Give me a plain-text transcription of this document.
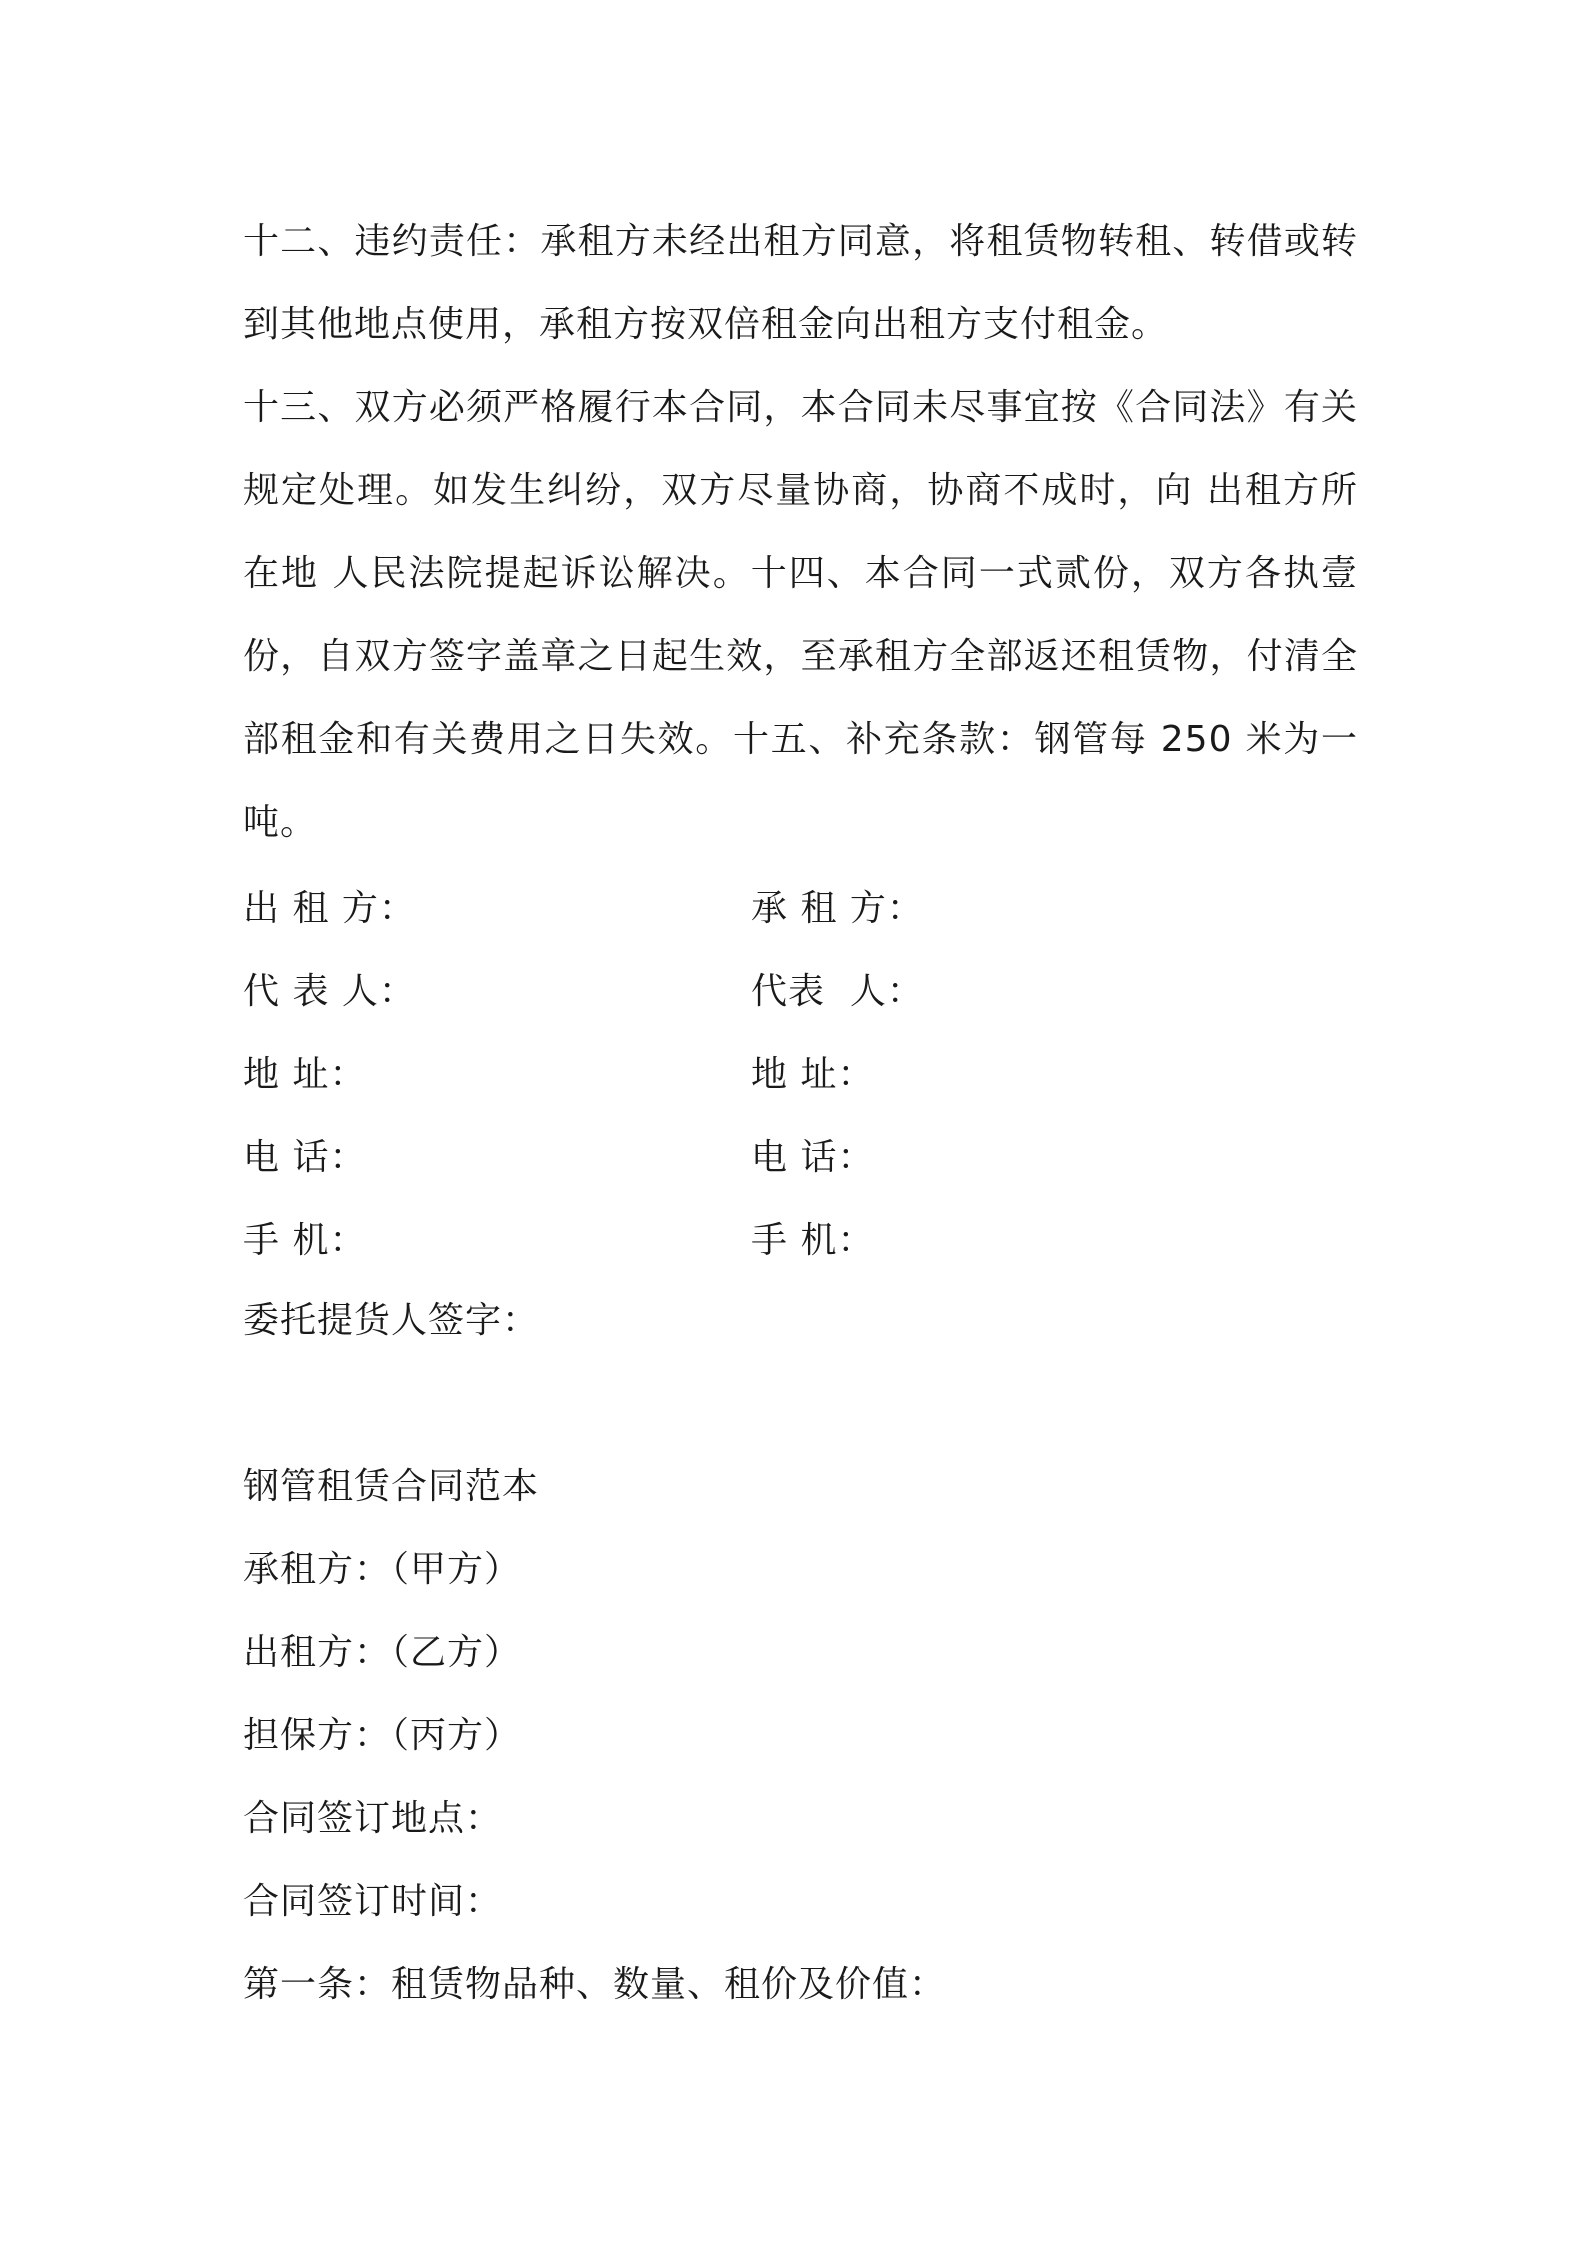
十二、违约责任：承租方未经出租方同意，将租赁物转租、转借或转到其他地点使用，承租方按双倍租金向出租方支付租金。

十三、双方必须严格履行本合同，本合同未尽事宜按《合同法》有关规定处理。如发生纠纷，双方尽量协商，协商不成时，向 出租方所在地 人民法院提起诉讼解决。十四、本合同一式贰份，双方各执壹份，自双方签字盖章之日起生效，至承租方全部返还租赁物，付清全部租金和有关费用之日失效。十五、补充条款：钢管每 250 米为一吨。

出 租 方：	承 租 方：
代 表 人：	代表  人：
地 址：	地 址：
电 话：	电 话：
手 机：	手 机：
委托提货人签字：
钢管租赁合同范本
承租方：（甲方）
出租方：（乙方）
担保方：（丙方）
合同签订地点：
合同签订时间：
第一条：租赁物品种、数量、租价及价值：
